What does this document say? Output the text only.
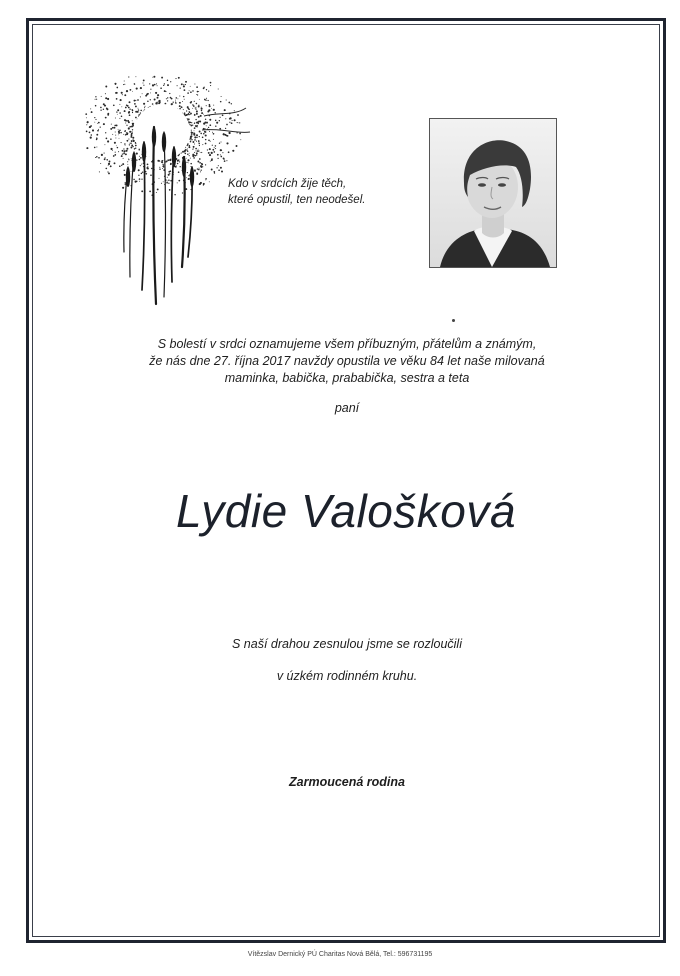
Kdo v srdcích žije těch,
které opustil, ten neodešel.
S bolestí v srdci oznamujeme všem příbuzným, přátelům a známým,
že nás dne 27. října 2017 navždy opustila ve věku 84 let naše milovaná
maminka, babička, prababička, sestra a teta
paní
Lydie Valošková
S naší drahou zesnulou jsme se rozloučili
v úzkém rodinném kruhu.
Zarmoucená rodina
Vítězslav Dernický PÚ Charitas Nová Bělá, Tel.: 596731195
